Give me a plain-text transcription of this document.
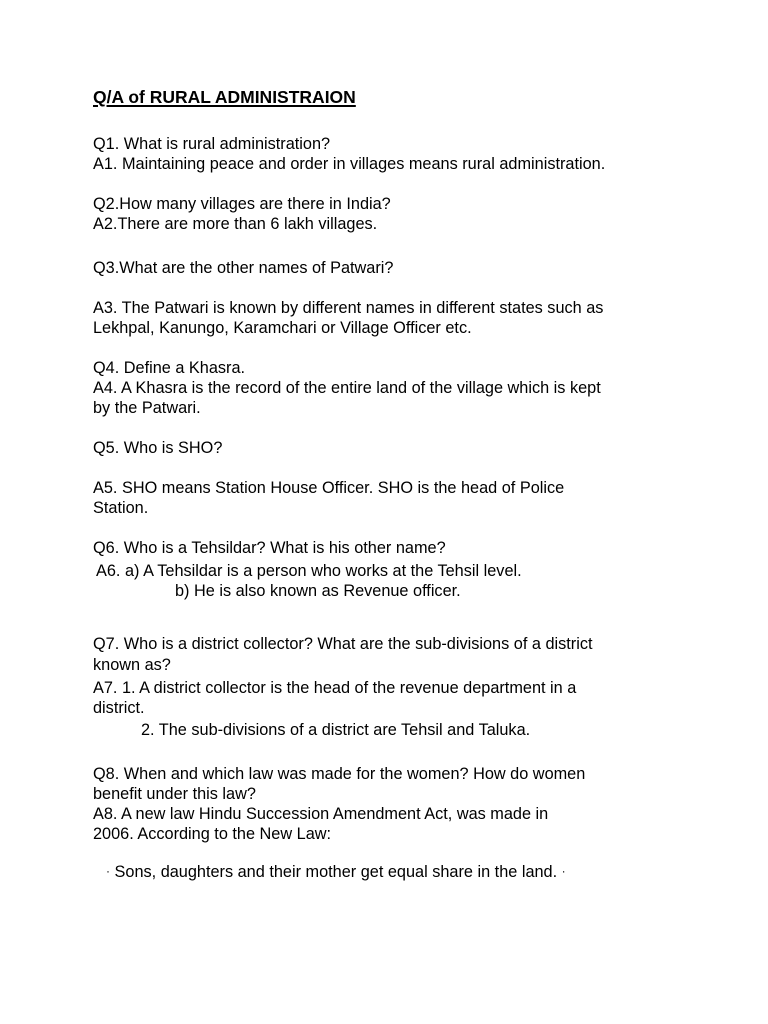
Q/A of RURAL ADMINISTRAION
Q1. What is rural administration?
A1. Maintaining peace and order in villages means rural administration.
Q2.How many villages are there in India?
A2.There are more than 6 lakh villages.
Q3.What are the other names of Patwari?
A3. The Patwari is known by different names in different states such as
Lekhpal, Kanungo, Karamchari or Village Officer etc.
Q4. Define a Khasra.
A4. A Khasra is the record of the entire land of the village which is kept
by the Patwari.
Q5. Who is SHO?
A5. SHO means Station House Officer. SHO is the head of Police
Station.
Q6. Who is a Tehsildar? What is his other name?
A6. a) A Tehsildar is a person who works at the Tehsil level.
b) He is also known as Revenue officer.
Q7. Who is a district collector? What are the sub-divisions of a district
known as?
A7. 1. A district collector is the head of the revenue department in a
district.
2. The sub-divisions of a district are Tehsil and Taluka.
Q8. When and which law was made for the women? How do women
benefit under this law?
A8. A new law Hindu Succession Amendment Act, was made in
2006. According to the New Law:
· Sons, daughters and their mother get equal share in the land. ·
